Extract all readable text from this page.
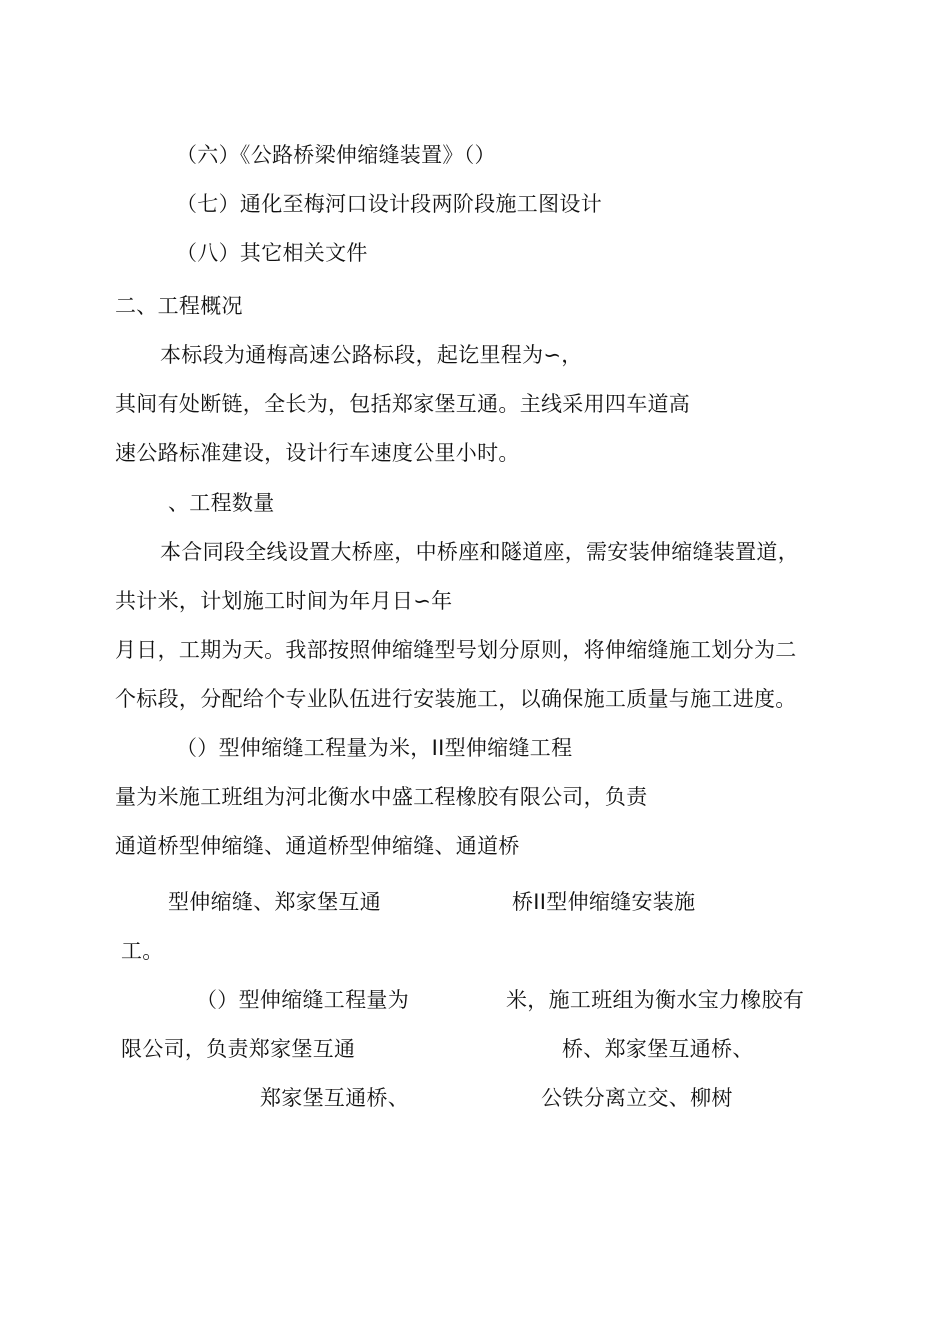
（六）《公路桥梁伸缩缝装置》（）
（七）通化至梅河口设计段两阶段施工图设计
（八）其它相关文件
二、工程概况
本标段为通梅高速公路标段，起讫里程为∽，
其间有处断链，全长为，包括郑家堡互通。主线采用四车道高
速公路标准建设，设计行车速度公里小时。
、工程数量
本合同段全线设置大桥座，中桥座和隧道座，需安装伸缩缝装置道，
共计米，计划施工时间为年月日∽年
月日，工期为天。我部按照伸缩缝型号划分原则，将伸缩缝施工划分为二
个标段，分配给个专业队伍进行安装施工，以确保施工质量与施工进度。
（）型伸缩缝工程量为米，II型伸缩缝工程
量为米施工班组为河北衡水中盛工程橡胶有限公司，负责
通道桥型伸缩缝、通道桥型伸缩缝、通道桥
型伸缩缝、郑家堡互通	桥II型伸缩缝安装施
工。
（）型伸缩缝工程量为	米，施工班组为衡水宝力橡胶有
限公司，负责郑家堡互通	桥、郑家堡互通桥、
郑家堡互通桥、	公铁分离立交、柳树
